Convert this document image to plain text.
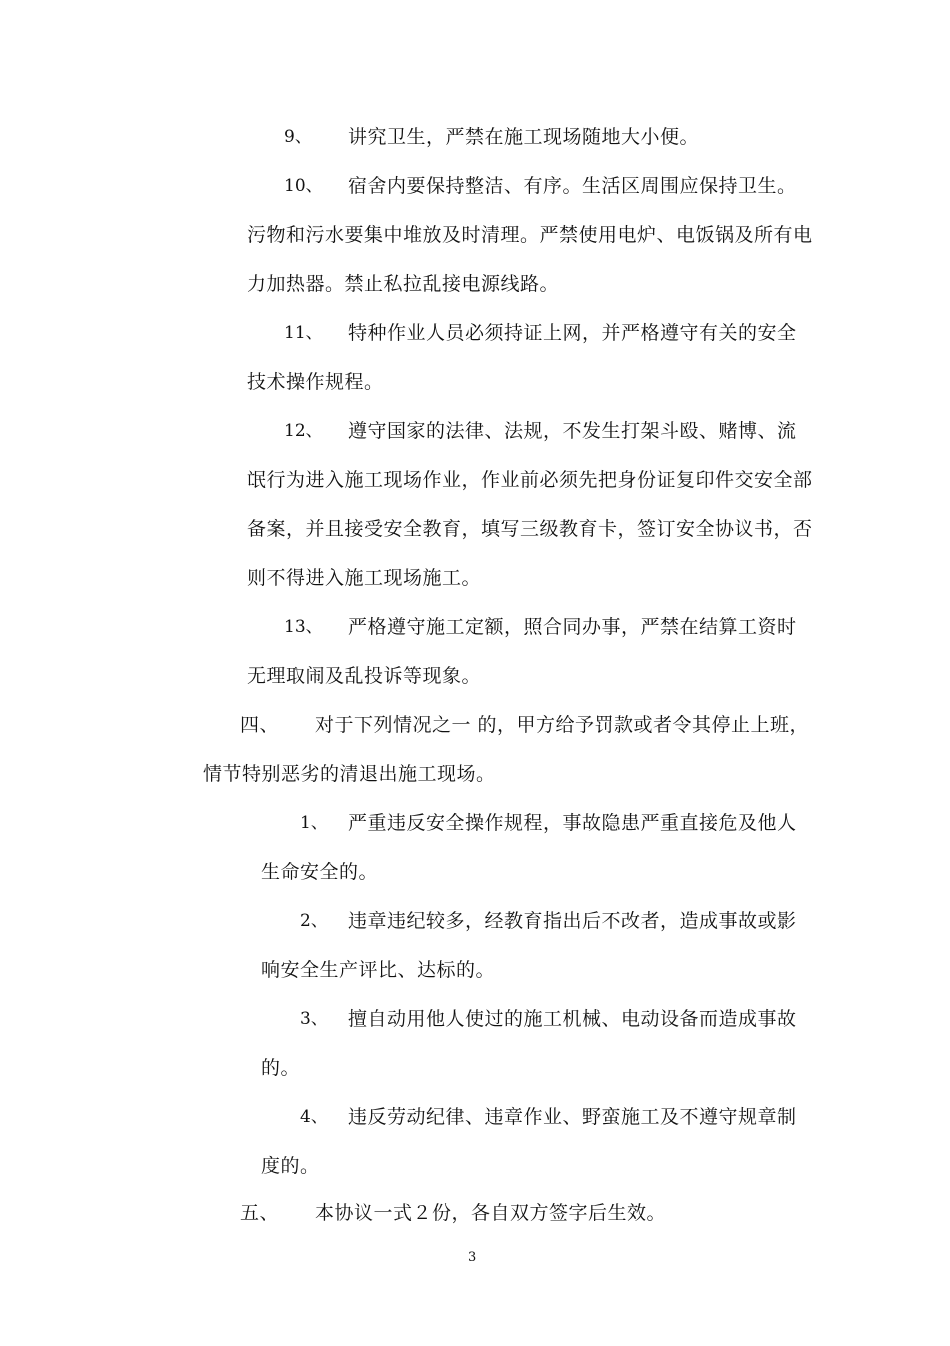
9、 讲究卫生，严禁在施工现场随地大小便。
10、 宿舍内要保持整洁、有序。生活区周围应保持卫生。
污物和污水要集中堆放及时清理。严禁使用电炉、电饭锅及所有电
力加热器。禁止私拉乱接电源线路。
11、 特种作业人员必须持证上网，并严格遵守有关的安全
技术操作规程。
12、 遵守国家的法律、法规，不发生打架斗殴、赌博、流
氓行为进入施工现场作业，作业前必须先把身份证复印件交安全部
备案，并且接受安全教育，填写三级教育卡，签订安全协议书，否
则不得进入施工现场施工。
13、 严格遵守施工定额，照合同办事，严禁在结算工资时
无理取闹及乱投诉等现象。
四、 对于下列情况之一 的，甲方给予罚款或者令其停止上班，
情节特别恶劣的清退出施工现场。
1、 严重违反安全操作规程，事故隐患严重直接危及他人
生命安全的。
2、 违章违纪较多，经教育指出后不改者，造成事故或影
响安全生产评比、达标的。
3、 擅自动用他人使过的施工机械、电动设备而造成事故
的。
4、 违反劳动纪律、违章作业、野蛮施工及不遵守规章制
度的。
五、 本协议一式２份，各自双方签字后生效。
3
